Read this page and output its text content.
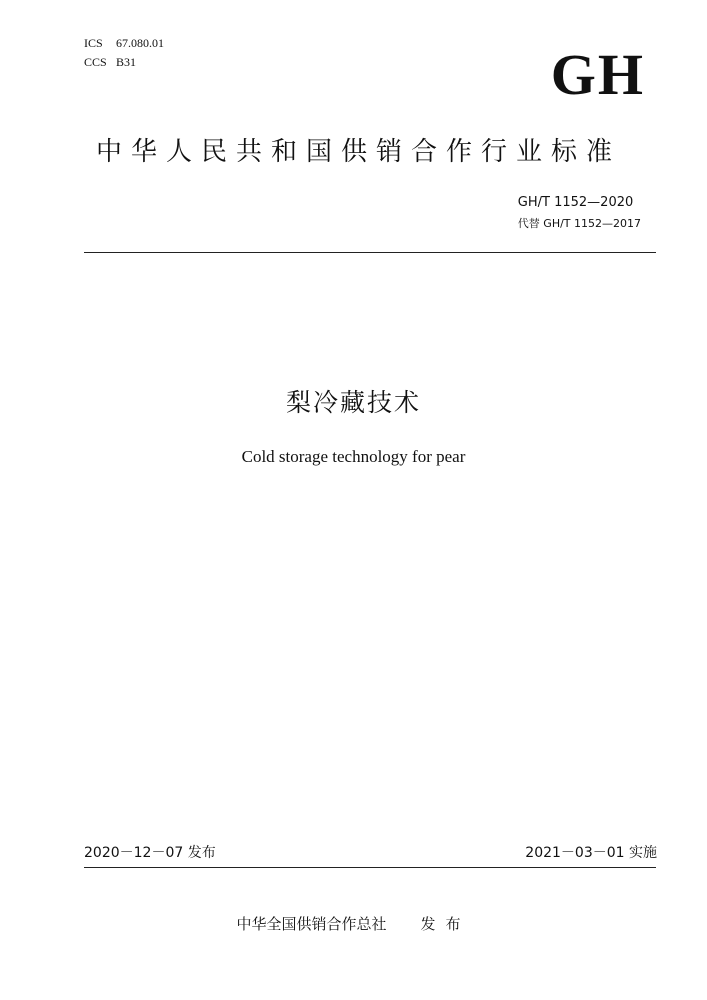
ICS	67.080.01
CCS B31	GH
中华人民共和国供销合作行业标准
GH/T 1152—2020
代替 GH/T 1152—2017
梨冷藏技术
Cold storage technology for pear
2020－12－07 发布	2021－03－01 实施
中华全国供销合作总社 发布
